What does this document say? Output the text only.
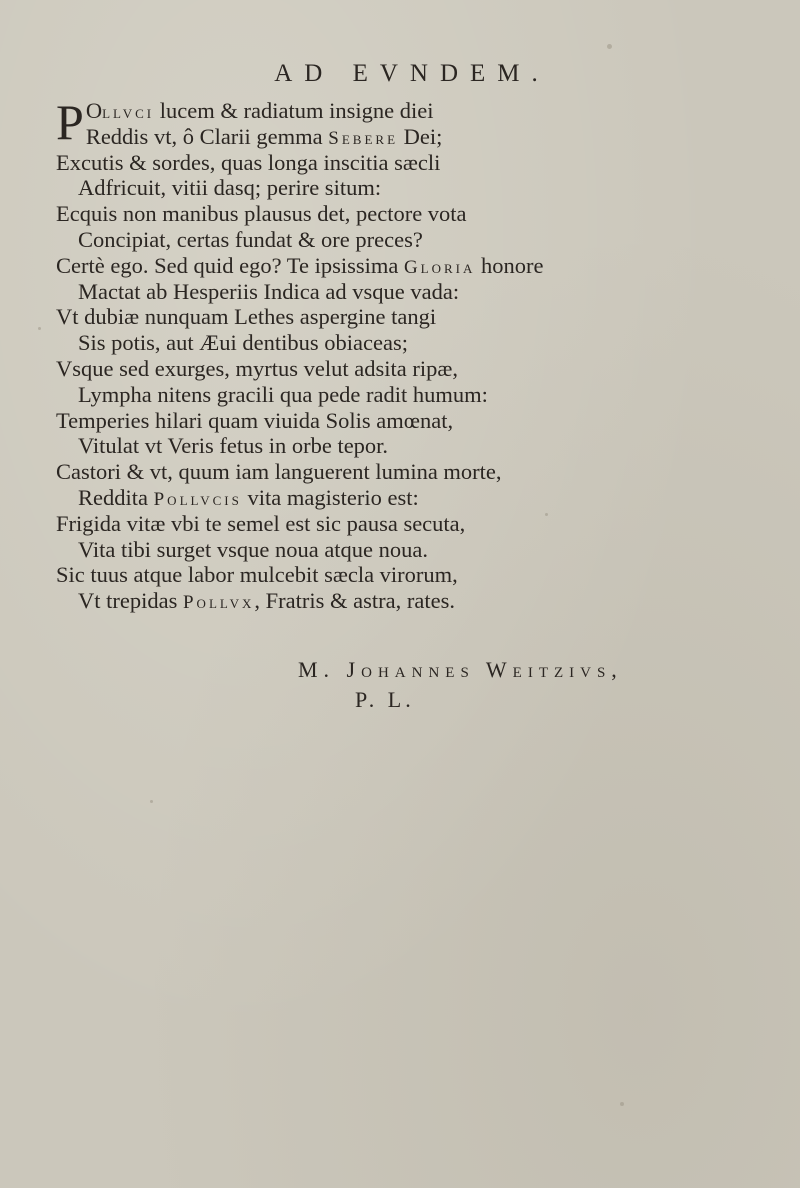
AD EVNDEM.
P Ollvci lucem & radiatum insigne diei
Reddis vt, ô Clarii gemma Sebere Dei;
Excutis & sordes, quas longa inscitia sæcli
Adfricuit, vitii dasq; perire situm:
Ecquis non manibus plausus det, pectore vota
Concipiat, certas fundat & ore preces?
Certè ego. Sed quid ego? Te ipsissima Gloria honore
Mactat ab Hesperiis Indica ad vsque vada:
Vt dubiæ nunquam Lethes aspergine tangi
Sis potis, aut Æui dentibus obiaceas;
Vsque sed exurges, myrtus velut adsita ripæ,
Lympha nitens gracili qua pede radit humum:
Temperies hilari quam viuida Solis amœnat,
Vitulat vt Veris fetus in orbe tepor.
Castori & vt, quum iam languerent lumina morte,
Reddita Pollvcis vita magisterio est:
Frigida vitæ vbi te semel est sic pausa secuta,
Vita tibi surget vsque noua atque noua.
Sic tuus atque labor mulcebit sæcla virorum,
Vt trepidas Pollvx, Fratris & astra, rates.
M. Johannes Weitzivs,
P. L.
